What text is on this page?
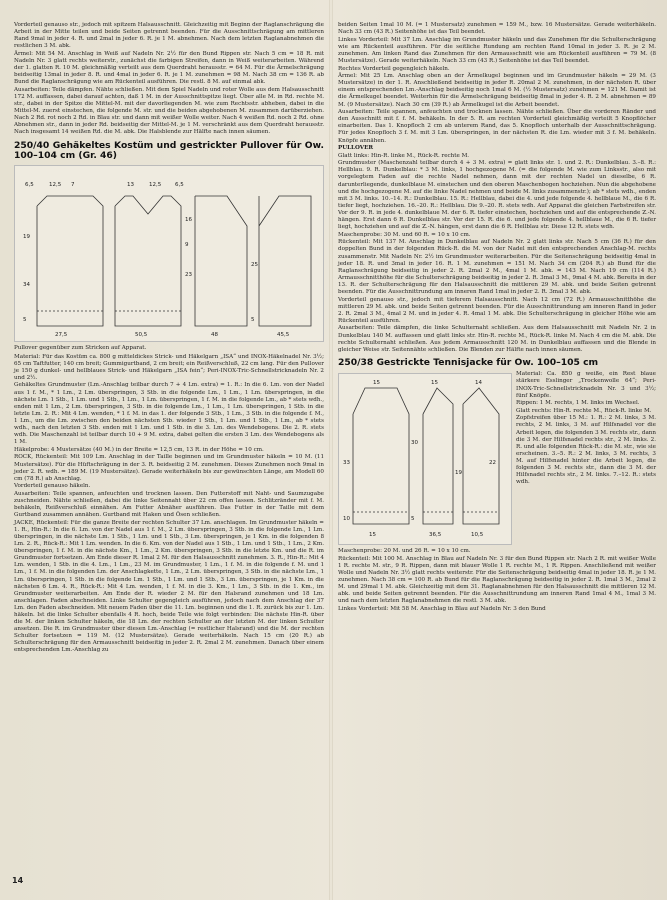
Vorderteil genauso str., jedoch mit spitzem Halsausschnitt. Gleichzeitig mit Beginn der Raglanschrägung die Arbeit in der Mitte teilen und beide Seiten getrennt beenden. Für die Ausschnittschrägung am mittleren Rand 9mal in jeder 4. R. und 2mal in jeder 6. R. je 1 M. abnehmen. Nach dem letzten Raglanabnehmen die restlichen 3 M. abk.

Ärmel: Mit 54 M. Anschlag in Weiß auf Nadeln Nr. 2½ für den Bund Rippen str. Nach 5 cm = 18 R. mit Nadeln Nr. 3 glatt rechts weiterstr., zunächst die farbigen Streifen, dann in Weiß weiterarbeiten. Während der 1. glatten R. 10 M. gleichmäßig verteilt aus dem Querdraht herausstr. = 64 M. Für die Ärmelschrägung beidseitig 13mal in jeder 8. R. und 4mal in jeder 6. R. je 1 M. zunehmen = 98 M. Nach 38 cm = 136 R. ab Bund die Raglanschrägung wie am Rückenteil ausführen. Die restl. 8 M. auf einmal abk.

Ausarbeiten: Teile dämpfen. Nähte schließen. Mit dem Spiel Nadeln und roter Wolle aus dem Halsausschnitt 172 M. auffassen, dabei darauf achten, daß 1 M. in der Ausschnittspitze liegt. Über alle M. in Rd. rechte M. str., dabei in der Spitze die Mittel-M. mit der davorliegenden M. wie zum Rechtsstr. abheben, dabei in die Mittel-M. zuerst einstechen, die folgende M. str. und die beiden abgehobenen M. zusammen darüberziehen. Nach 2 Rd. rot noch 2 Rd. in Blau str. und dann mit weißer Wolle weiter. Nach 4 weißen Rd. noch 2 Rd. ohne Abnehmen str., dann in jeder Rd. beidseitig der Mittel-M. je 1 M. verschränkt aus dem Querdraht herausstr. Nach insgesamt 14 weißen Rd. die M. abk. Die Halsblende zur Hälfte nach innen säumen.

250/40 Gehäkeltes Kostüm und gestrickter Pullover für Ow. 100–104 cm (Gr. 46)
6,5	12,5 7	13	12,5	6,5
19
34
5
16
9
23
27,5	50,5	48	45,5
25
5
Pullover gegenüber zum Stricken auf Apparat.

Material: Für das Kostüm ca. 800 g mitteldickes Strick- und Häkelgarn „ISA“ und INOX-Häkelnadel Nr. 3½; 65 cm Taftfutter, 140 cm breit; Gummigurtband, 2 cm breit; ein Reißverschluß, 22 cm lang. Für den Pullover je 150 g dunkel- und hellblaues Strick- und Häkelgarn „ISA fein“; Peri-INOX-Tric-Schnellstricknadeln Nr. 2 und 2½.

Gehäkeltes Grundmuster (Lm.-Anschlag teilbar durch 7 + 4 Lm. extra) = 1. R.: In die 6. Lm. von der Nadel aus 1 f. M., * 1 Lm., 2 Lm. überspringen, 3 Stb. in die folgende Lm., 1 Lm., 1 Lm. überspringen, in die nächste Lm. 1 Stb., 1 Lm. und 1 Stb., 1 Lm., 1 Lm. überspringen, 1 f. M. in die folgende Lm., ab * stets wdh., enden mit 1 Lm., 2 Lm. überspringen, 3 Stb. in die folgende Lm., 1 Lm., 1 Lm. überspringen, 1 Stb. in die letzte Lm. 2. R.: Mit 4 Lm. wenden, * 1 f. M. in das 1. der folgende 3 Stb., 1 Lm., 3 Stb. in die folgende f. M., 1 Lm., um die Lm. zwischen den beiden nächsten Stb. wieder 1 Stb., 1 Lm. und 1 Stb., 1 Lm., ab * stets wdh., nach den letzten 3 Stb. enden mit 1 Lm. und 1 Stb. in die 3. Lm. des Wendebogens. Die 2. R. stets wdh. Die Maschenzahl ist teilbar durch 10 + 9 M. extra, dabei gelten die ersten 3 Lm. des Wendebogens als 1 M.

Häkelprobe: 4 Mustersätze (40 M.) in der Breite = 12,5 cm, 13 R. in der Höhe = 10 cm.

ROCK, Rückenteil: Mit 109 Lm. Anschlag in der Taille beginnen und im Grundmuster häkeln = 10 M. (11 Mustersätze). Für die Hüftschrägung in der 3. R. beidseitig 2 M. zunehmen. Dieses Zunehmen noch 9mal in jeder 2. R. wdh. = 189 M. (19 Mustersätze). Gerade weiterhäkeln bis zur gewünschten Länge, am Modell 60 cm (78 R.) ab Anschlag.

Vorderteil genauso häkeln.

Ausarbeiten: Teile spannen, anfeuchten und trocknen lassen. Den Futterstoff mit Naht- und Saumzugabe zuschneiden. Nähte schließen, dabei die linke Seitennaht über 22 cm offen lassen. Schlitzränder mit f. M. behäkeln, Reißverschluß einnähen. Am Futter Abnäher ausführen. Das Futter in der Taille mit dem Gurtband zusammen annähen. Gurtband mit Haken und Ösen schließen.

JACKE, Rückenteil: Für die ganze Breite der rechten Schulter 37 Lm. anschlagen. Im Grundmuster häkeln = 1. R., Hin-R.: In die 6. Lm. von der Nadel aus 1 f. M., 2 Lm. überspringen, 3 Stb. in die folgende Lm., 1 Lm. überspringen, in die nächste Lm. 1 Stb., 1 Lm. und 1 Stb., 3 Lm. überspringen, je 1 Km. in die folgenden 8 Lm. 2. R., Rück-R.: Mit 1 Lm. wenden. In die 6. Km. von der Nadel aus 1 Stb., 1 Lm. und 1 Stb., 1 Lm., 2 Km. überspringen, 1 f. M. in die nächste Km., 1 Lm., 2 Km. überspringen, 3 Stb. in die letzte Km. und die R. im Grundmuster fortsetzen. Am Ende dieser R. 1mal 2 M. für den Halsausschnitt zunehmen. 3. R., Hin-R.: Mit 4 Lm. wenden, 1 Stb. in die 4. Lm., 1 Lm., 23 M. im Grundmuster, 1 Lm., 1 f. M. in die folgende f. M. und 1 Lm., 1 f. M. in die folgenden Lm. der Anschlagkette, 1 Lm., 2 Lm. überspringen, 3 Stb. in die nächste Lm., 1 Lm. überspringen, 1 Stb. in die folgende Lm. 1 Stb., 1 Lm. und 1 Stb., 3 Lm. überspringen, je 1 Km. in die nächsten 6 Lm. 4. R., Rück-R.: Mit 4 Lm. wenden, 1 f. M. in die 3. Km., 1 Lm., 3 Stb. in die 1. Km., im Grundmuster weiterarbeiten. Am Ende der R. wieder 2 M. für den Halsrand zunehmen und 18 Lm. anschlagen. Faden abschneiden. Linke Schulter gegengleich ausführen, jedoch nach dem Anschlag der 37 Lm. den Faden abschneiden. Mit neuem Faden über die 11. Lm. beginnen und die 1. R. zurück bis zur 1. Lm. häkeln. Ist die linke Schulter ebenfalls 4 R. hoch, beide Teile wie folgt verbinden: Die nächste Hin-R. über die M. der linken Schulter häkeln, die 18 Lm. der rechten Schulter an der letzten M. der linken Schulter ansetzen. Die R. im Grundmuster über diesen Lm.-Anschlag (= restlicher Halsrand) und die M. der rechten Schulter fortsetzen = 119 M. (12 Mustersätze). Gerade weiterhäkeln. Nach 15 cm (20 R.) ab Schulterschrägung für den Armausschnitt beidseitig in jeder 2. R. 2mal 2 M. zunehmen. Danach über einem entsprechenden Lm.-Anschlag zu

beiden Seiten 1mal 10 M. (= 1 Mustersatz) zunehmen = 159 M., bzw. 16 Mustersätze. Gerade weiterhäkeln. Nach 33 cm (43 R.) Seitenhöhe ist das Teil beendet.

Linkes Vorderteil: Mit 37 Lm. Anschlag im Grundmuster häkeln und das Zunehmen für die Schulterschrägung wie am Rückenteil ausführen. Für die seitliche Rundung am rechten Rand 10mal in jeder 3. R. je 2 M. zunehmen. Am linken Rand das Zunehmen für den Armausschnitt wie am Rückenteil ausführen = 79 M. (8 Mustersätze). Gerade weiterhäkeln. Nach 33 cm (43 R.) Seitenhöhe ist das Teil beendet.

Rechtes Vorderteil gegengleich häkeln.

Ärmel: Mit 25 Lm. Anschlag oben an der Ärmelkugel beginnen und im Grundmuster häkeln = 29 M. (3 Mustersätze) in der 1. R. Anschließend beidseitig in jeder R. 20mal 2 M. zunehmen, in der nächsten R. über einem entsprechenden Lm.-Anschlag beidseitig noch 1mal 6 M. (½ Mustersatz) zunehmen = 121 M. Damit ist die Ärmelkugel beendet. Weiterhin für die Ärmelschrägung beidseitig 8mal in jeder 4. R. 2 M. abnehmen = 89 M. (9 Mustersätze). Nach 30 cm (39 R.) ab Ärmelkugel ist die Arbeit beendet.

Ausarbeiten: Teile spannen, anfeuchten und trocknen lassen. Nähte schließen. Über die vorderen Ränder und den Ausschnitt mit f. f. M. behäkeln. In der 5. R. am rechten Vorderteil gleichmäßig verteilt 5 Knopflöcher einarbeiten. Das 1. Knopfloch 2 cm ab unterem Rand, das 5. Knopfloch unterhalb der Ausschnittschrägung. Für jedes Knopfloch 3 f. M. mit 3 Lm. überspringen, in der nächsten R. die Lm. wieder mit 3 f. M. behäkeln. Knöpfe annähen.

PULLOVER

Glatt links: Hin-R. linke M., Rück-R. rechte M.

Grundmuster (Maschenzahl teilbar durch 4 + 3 M. extra) = glatt links str. 1. und 2. R.: Dunkelblau. 3.–8. R.: Hellblau. 9. R. Dunkelblau: * 3 M. links, 1 hochgezogene M. (= die folgende M. wie zum Linksstr., also mit vorgelegtem Faden auf die rechte Nadel nehmen, dann mit der rechten Nadel un dieselbe, 6 R. darunterliegende, dunkelblaue M. einstechen und den oberen Maschenbogen hochziehen. Nun die abgehobene und die hochgezogene M. auf die linke Nadel nehmen und beide M. links zusammenstr.); ab * stets wdh., enden mit 3 M. links. 10.–14. R.: Dunkelblau. 15. R.: Hellblau, dabei die 4. und jede folgende 4. hellblaue M., die 6 R. tiefer liegt, hochziehen. 16.–20. R.: Hellblau. Die 9.–20. R. stets wdh. Auf Apparat die gleichen Farbstreifen str. Vor der 9. R. in jede 4. dunkelblaue M. der 6. R. tiefer einstechen, hochziehen und auf die entsprechende Z.-N. hängen. Erst dann 6 R. Dunkelblau str. Vor der 15. R. die 6. und jede folgende 4. hellblaue M., die 6 R. tiefer liegt, hochziehen und auf die Z.-N. hängen, erst dann die 6 R. Hellblau str. Diese 12 R. stets wdh.

Maschenprobe: 30 M. und 60 R. = 10 x 10 cm.

Rückenteil: Mit 137 M. Anschlag in Dunkelblau auf Nadeln Nr. 2 glatt links str. Nach 5 cm (36 R.) für den doppelten Bund in der folgenden Rück-R. die M. von der Nadel mit den entsprechenden Anschlag-M. rechts zusammenstr. Mit Nadeln Nr. 2½ im Grundmuster weiterarbeiten. Für die Seitenschrägung beidseitig 4mal in jeder 18. R. und 3mal in jeder 16. R. 1 M. zunehmen = 151 M. Nach 34 cm (204 R.) ab Bund für die Raglanschrägung beidseitig in jeder 2. R. 2mal 2 M., 4mal 1 M. abk. = 143 M. Nach 19 cm (114 R.) Armausschnitthöhe für die Schulterschrägung beidseitig in jeder 2. R. 3mal 3 M., 9mal 4 M. abk. Bereits in der 13. R. der Schulterschrägung für den Halsausschnitt die mittleren 29 M. abk. und beide Seiten getrennt beenden. Für die Ausschnittrundung am inneren Rand 1mal in jeder 2. R. 3mal 3 M. abk.

Vorderteil genauso str., jedoch mit tieferem Halsausschnitt. Nach 12 cm (72 R.) Armausschnitthöhe die mittleren 29 M. abk. und beide Seiten getrennt beenden. Für die Ausschnittrundung am inneren Rand in jeder 2. R. 2mal 3 M., 4mal 2 M. und in jeder 4. R. 4mal 1 M. abk. Die Schulterschrägung in gleicher Höhe wie am Rückenteil ausführen.

Ausarbeiten: Teile dämpfen, die linke Schulternaht schließen. Aus dem Halsausschnitt mit Nadeln Nr. 2 in Dunkelblau 140 M. auffassen und glatt links str. Hin-R. rechte M., Rück-R. linke M. Nach 4 cm die M. abk. Die rechte Schulternaht schließen. Aus jedem Armausschnitt 120 M. in Dunkelblau auffassen und die Blende in gleicher Weise str. Seitennähte schließen. Die Blenden zur Hälfte nach innen säumen.

250/38 Gestrickte Tennisjacke für Ow. 100–105 cm
15
33
10
30
5
15	14
22
15	36,5	10,5
19

Material: Ca. 850 g weiße, ein Rest blaue stärkere Esslinger „Trockenwolle 64“; Peri-INOX-Tric-Schnellstricknadeln Nr. 3 und 3½; fünf Knöpfe.

Rippen: 1 M. rechts, 1 M. links im Wechsel.

Glatt rechts: Hin-R. rechte M., Rück-R. linke M.

Zopfstreifen über 15 M.: 1. R.: 2 M. links, 3 M. rechts, 2 M. links, 3 M. auf Hilfsnadel vor die Arbeit legen, die folgenden 3 M. rechts str., dann die 3 M. der Hilfsnadel rechts str., 2 M. links. 2. R. und alle folgenden Rück-R.: die M. str., wie sie erscheinen. 3.–5. R.: 2 M. links, 3 M. rechts, 3 M. auf Hilfsnadel hinter die Arbeit legen, die folgenden 3 M. rechts str., dann die 3 M. der Hilfsnadel rechts str., 2 M. links. 7.–12. R.: stets wdh.

Maschenprobe: 20 M. und 26 R. = 10 x 10 cm.

Rückenteil: Mit 100 M. Anschlag in Blau auf Nadeln Nr. 3 für den Bund Rippen str. Nach 2 R. mit weißer Wolle 1 R. rechte M. str., 9 R. Rippen, dann mit blauer Wolle 1 R. rechte M., 1 R. Rippen. Anschließend mit weißer Wolle und Nadeln Nr. 3½ glatt rechts weiterstr. Für die Seitenschrägung beidseitig 4mal in jeder 18. R. je 1 M. zunehmen. Nach 38 cm = 100 R. ab Bund für die Raglanschrägung beidseitig in jeder 2. R. 1mal 3 M., 2mal 2 M. und 29mal 1 M. abk. Gleichzeitig mit dem 31. Raglanabnehmen für den Halsausschnitt die mittleren 12 M. abk. und beide Seiten getrennt beenden. Für die Ausschnittrundung am inneren Rand 1mal 4 M., 1mal 3 M. und nach dem letzten Raglanabnehmen die restl. 3 M. abk.

Linkes Vorderteil: Mit 58 M. Anschlag in Blau auf Nadeln Nr. 3 den Bund

14
